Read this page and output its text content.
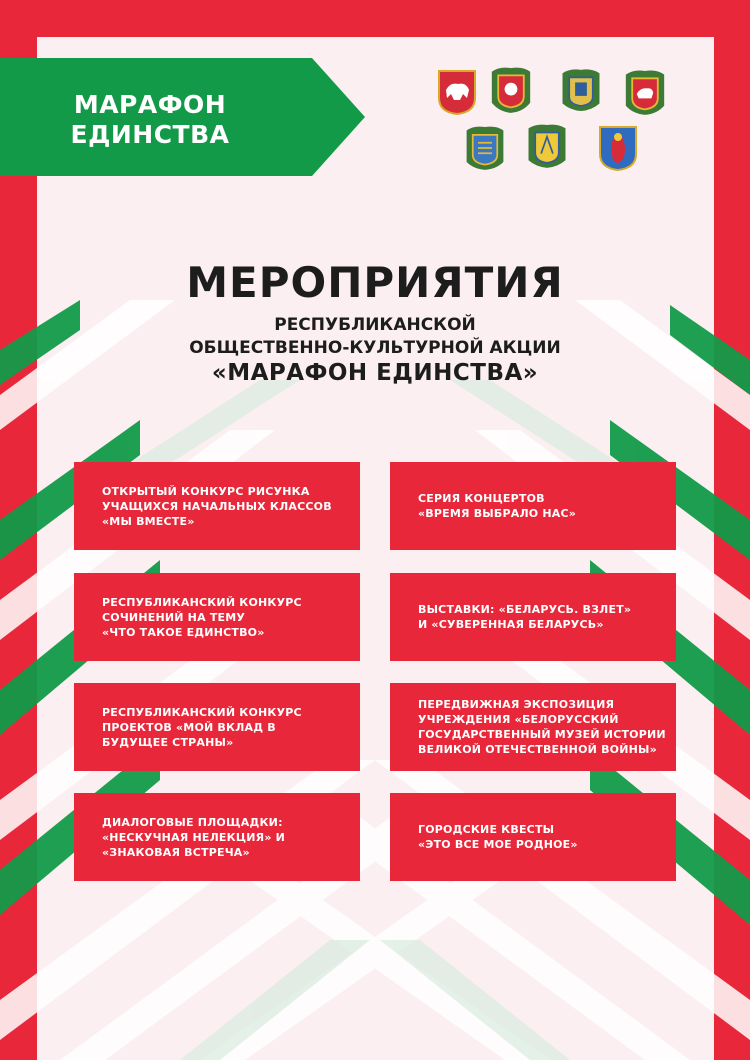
МАРАФОН
ЕДИНСТВА
МЕРОПРИЯТИЯ
РЕСПУБЛИКАНСКОЙ
ОБЩЕСТВЕННО-КУЛЬТУРНОЙ АКЦИИ
«МАРАФОН ЕДИНСТВА»
ОТКРЫТЫЙ КОНКУРС РИСУНКА
УЧАЩИХСЯ НАЧАЛЬНЫХ КЛАССОВ
«МЫ ВМЕСТЕ»
СЕРИЯ КОНЦЕРТОВ
«ВРЕМЯ ВЫБРАЛО НАС»
РЕСПУБЛИКАНСКИЙ КОНКУРС
СОЧИНЕНИЙ НА ТЕМУ
«ЧТО ТАКОЕ ЕДИНСТВО»
ВЫСТАВКИ: «БЕЛАРУСЬ. ВЗЛЕТ»
И «СУВЕРЕННАЯ БЕЛАРУСЬ»
РЕСПУБЛИКАНСКИЙ КОНКУРС
ПРОЕКТОВ «МОЙ ВКЛАД В
БУДУЩЕЕ СТРАНЫ»
ПЕРЕДВИЖНАЯ ЭКСПОЗИЦИЯ
УЧРЕЖДЕНИЯ «БЕЛОРУССКИЙ
ГОСУДАРСТВЕННЫЙ МУЗЕЙ ИСТОРИИ
ВЕЛИКОЙ ОТЕЧЕСТВЕННОЙ ВОЙНЫ»
ДИАЛОГОВЫЕ ПЛОЩАДКИ:
«НЕСКУЧНАЯ НЕЛЕКЦИЯ» И
«ЗНАКОВАЯ ВСТРЕЧА»
ГОРОДСКИЕ КВЕСТЫ
«ЭТО ВСЕ МОЕ РОДНОЕ»
